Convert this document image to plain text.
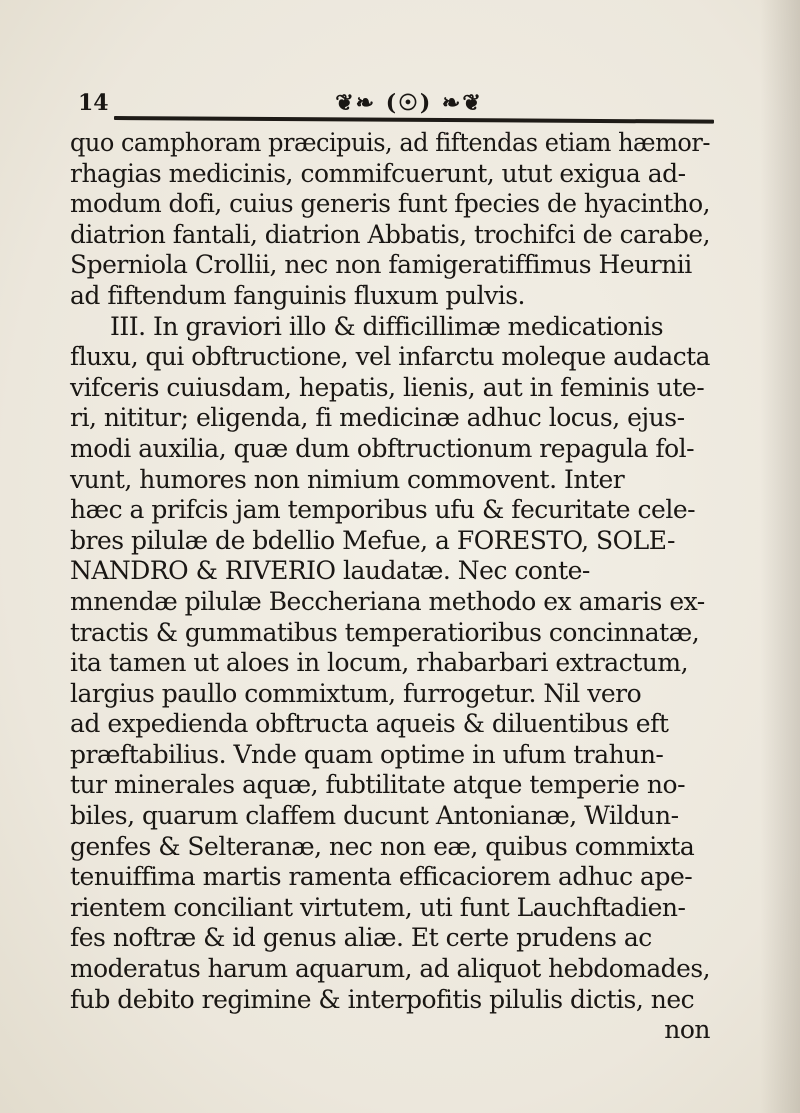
14	❦❧ (☉) ❧❦
quo camphoram præcipuis, ad fiftendas etiam hæmor-
rhagias medicinis, commifcuerunt, utut exigua ad-
modum dofi, cuius generis funt fpecies de hyacintho,
diatrion fantali, diatrion Abbatis, trochifci de carabe,
Sperniola Crollii, nec non famigeratiffimus Heurnii
ad fiftendum fanguinis fluxum pulvis.
III. In graviori illo & difficillimæ medicationis
fluxu, qui obftructione, vel infarctu moleque audacta
vifceris cuiusdam, hepatis, lienis, aut in feminis ute-
ri, nititur; eligenda, fi medicinæ adhuc locus, ejus-
modi auxilia, quæ dum obftructionum repagula fol-
vunt, humores non nimium commovent. Inter
hæc a prifcis jam temporibus ufu & fecuritate cele-
bres pilulæ de bdellio Mefue, a FORESTO, SOLE-
NANDRO & RIVERIO laudatæ. Nec conte-
mnendæ pilulæ Beccheriana methodo ex amaris ex-
tractis & gummatibus temperatioribus concinnatæ,
ita tamen ut aloes in locum, rhabarbari extractum,
largius paullo commixtum, furrogetur. Nil vero
ad expedienda obftructa aqueis & diluentibus eft
præftabilius. Vnde quam optime in ufum trahun-
tur minerales aquæ, fubtilitate atque temperie no-
biles, quarum claffem ducunt Antonianæ, Wildun-
genfes & Selteranæ, nec non eæ, quibus commixta
tenuiffima martis ramenta efficaciorem adhuc ape-
rientem conciliant virtutem, uti funt Lauchftadien-
fes noftræ & id genus aliæ. Et certe prudens ac
moderatus harum aquarum, ad aliquot hebdomades,
fub debito regimine & interpofitis pilulis dictis, nec
non
